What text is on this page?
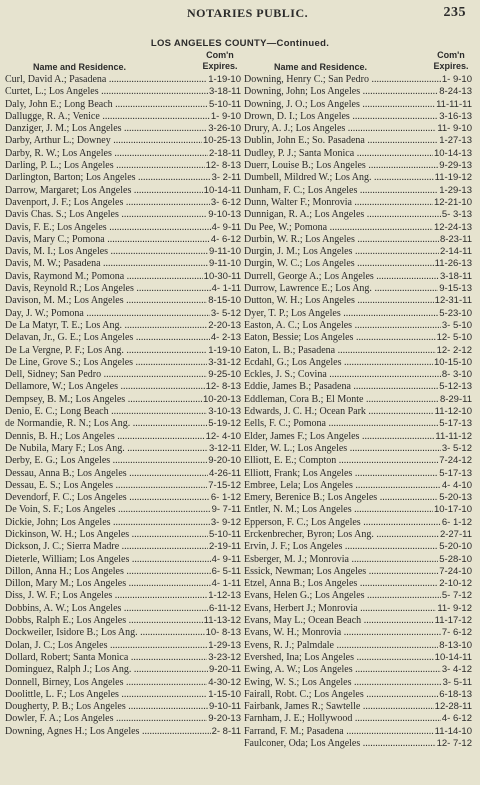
NOTARIES PUBLIC.	235
LOS ANGELES COUNTY—Continued.
Name and Residence.
Com'n
Expires.
Curl, David A.; Pasadena .....	1-19-10
Curtet, L.; Los Angeles .....	3-18-11
Daly, John E.; Long Beach .....	5-10-11
Dallugge, R. A.; Venice .....	1- 9-10
Danziger, J. M.; Los Angeles .....	3-26-10
Darby, Arthur L.; Downey .....	10-25-13
Darby, R. W.; Los Angeles .....	2-18-11
Darling, P. L.; Los Angeles .....	12- 8-13
Darlington, Barton; Los Angeles .....	3- 2-11
Darrow, Margaret; Los Angeles .....	10-14-11
Davenport, J. F.; Los Angeles .....	3- 6-12
Davis Chas. S.; Los Angeles .....	9-10-13
Davis, F. E.; Los Angeles .....	4- 9-11
Davis, Mary C.; Pomona .....	4- 6-12
Davis, M. I.; Los Angeles .....	9-11-10
Davis, M. W.; Pasadena .....	9-11-10
Davis, Raymond M.; Pomona .....	10-30-11
Davis, Reynold R.; Los Angeles .....	4- 1-11
Davison, M. M.; Los Angeles .....	8-15-10
Day, J. W.; Pomona .....	3- 5-12
De La Matyr, T. E.; Los Ang. .....	2-20-13
Delavan, Jr., G. E.; Los Angeles .....	4- 2-13
De La Vergne, P. F.; Los Ang. .....	1-19-10
De Line, Grove S.; Los Angeles .....	3-31-12
Dell, Sidney; San Pedro .....	9-25-10
Dellamore, W.; Los Angeles .....	12- 8-13
Dempsey, B. M.; Los Angeles .....	10-20-13
Denio, E. C.; Long Beach .....	3-10-13
de Normandie, R. N.; Los Ang. .....	5-19-12
Dennis, B. H.; Los Angeles .....	12- 4-10
De Nubila, Mary F.; Los Ang. .....	3-12-11
Derby, E. G.; Los Angeles .....	9-20-10
Dessau, Anna B.; Los Angeles .....	4-26-11
Dessau, E. S.; Los Angeles .....	7-15-12
Devendorf, F. C.; Los Angeles .....	6- 1-12
De Voin, S. F.; Los Angeles .....	9- 7-11
Dickie, John; Los Angeles .....	3- 9-12
Dickinson, W. H.; Los Angeles .....	5-10-11
Dickson, J. C.; Sierra Madre .....	2-19-11
Dieterle, William; Los Angeles .....	4- 9-11
Dillon, Anna H.; Los Angeles .....	6- 5-11
Dillon, Mary M.; Los Angeles .....	4- 1-11
Diss, J. W. F.; Los Angeles .....	1-12-13
Dobbins, A. W.; Los Angeles .....	6-11-12
Dobbs, Ralph E.; Los Angeles .....	11-13-12
Dockweiler, Isidore B.; Los Ang. .....	10- 8-13
Dolan, J. C.; Los Angeles .....	1-29-13
Dollard, Robert; Santa Monica .....	3-23-12
Dominguez, Ralph J.; Los Ang. .....	9-20-11
Donnell, Birney, Los Angeles .....	4-30-12
Doolittle, L. F.; Los Angeles .....	1-15-10
Dougherty, P. B.; Los Angeles .....	9-10-11
Dowler, F. A.; Los Angeles .....	9-20-13
Downing, Agnes H.; Los Angeles .....	2- 8-11
Name and Residence.
Com'n
Expires.
Downing, Henry C.; San Pedro .....	1- 9-10
Downing, John; Los Angeles .....	8-24-13
Downing, J. O.; Los Angeles .....	11-11-11
Drown, D. I.; Los Angeles .....	3-16-13
Drury, A. J.; Los Angeles .....	11- 9-10
Dublin, John E.; So. Pasadena .....	1-27-13
Dudley, P. J.; Santa Monica .....	10-14-13
Duerr, Louise B.; Los Angeles .....	9-29-13
Dumbell, Mildred W.; Los Ang. .....	11-19-12
Dunham, F. C.; Los Angeles .....	1-29-13
Dunn, Walter F.; Monrovia .....	12-21-10
Dunnigan, R. A.; Los Angeles .....	5- 3-13
Du Pee, W.; Pomona .....	12-24-13
Durbin, W. R.; Los Angeles .....	8-23-11
Durgin, J. M.; Los Angeles .....	2-14-11
Durgin, W. C.; Los Angeles .....	11-26-13
Durrell, George A.; Los Angeles .....	3-18-11
Durrow, Lawrence E.; Los Ang. .....	9-15-13
Dutton, W. H.; Los Angeles .....	12-31-11
Dyer, T. P.; Los Angeles .....	5-23-10
Easton, A. C.; Los Angeles .....	3- 5-10
Eaton, Bessie; Los Angeles .....	12- 5-10
Eaton, L. B.; Pasadena .....	12- 2-12
Ecdahl, G.; Los Angeles .....	10-15-10
Eckles, J. S.; Covina .....	8- 3-10
Eddie, James B.; Pasadena .....	5-12-13
Eddleman, Cora B.; El Monte .....	8-29-11
Edwards, J. C. H.; Ocean Park .....	11-12-10
Eells, F. C.; Pomona .....	5-17-13
Elder, James F.; Los Angeles .....	11-11-12
Elder, W. L.; Los Angeles .....	3- 5-12
Elliott, E. E.; Compton .....	7-24-12
Elliott, Frank; Los Angeles .....	5-17-13
Embree, Lela; Los Angeles .....	4- 4-10
Emery, Berenice B.; Los Angeles .....	5-20-13
Entler, N. M.; Los Angeles .....	10-17-10
Epperson, F. C.; Los Angeles .....	6- 1-12
Erckenbrecher, Byron; Los Ang. .....	2-27-11
Ervin, J. F.; Los Angeles .....	5-20-10
Esberger, M. J.; Monrovia .....	5-28-10
Essick, Newman; Los Angeles .....	7-24-10
Etzel, Anna B.; Los Angeles .....	2-10-12
Evans, Helen G.; Los Angeles .....	5- 7-12
Evans, Herbert J.; Monrovia .....	11- 9-12
Evans, May L.; Ocean Beach .....	11-17-12
Evans, W. H.; Monrovia .....	7- 6-12
Evens, R. J.; Palmdale .....	8-13-10
Evershed, Ina; Los Angeles .....	10-14-11
Ewing, A. W.; Los Angeles .....	3- 4-12
Ewing, W. S.; Los Angeles .....	3- 5-11
Fairall, Robt. C.; Los Angeles .....	6-18-13
Fairbank, James R.; Sawtelle .....	12-28-11
Farnham, J. E.; Hollywood .....	4- 6-12
Farrand, F. M.; Pasadena .....	11-14-10
Faulconer, Oda; Los Angeles .....	12- 7-12
